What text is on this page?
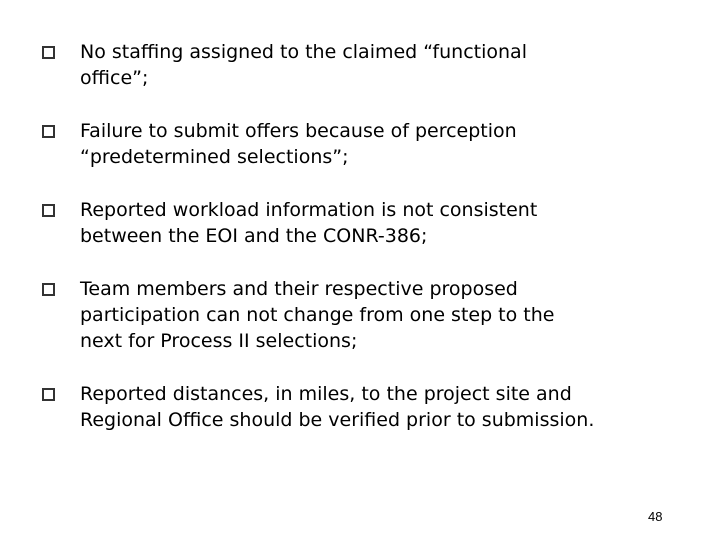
No staffing assigned to the claimed “functional
office”;
Failure to submit offers because of perception
“predetermined selections”;
Reported workload information is not consistent
between the EOI and the CONR-386;
Team members and their respective proposed
participation can not change from one step to the
next for Process II selections;
Reported distances, in miles, to the project site and
Regional Office should be verified prior to submission.
48
